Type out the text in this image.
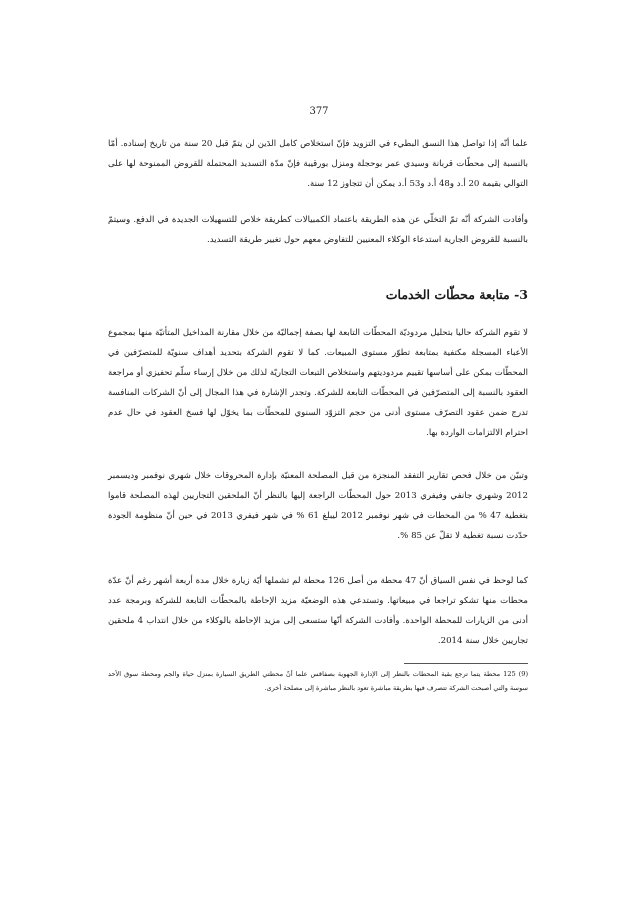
377

علما أنّه إذا تواصل هذا النسق البطيء في التزويد فإنّ استخلاص كامل الدَين لن يتمّ قبل 20 سنة من تاريخ إسناده. أمّا بالنسبة إلى محطّات قربانة وسيدي عمر بوحجلة ومنزل بورقيبة فإنّ مدّة التسديد المحتملة للقروض الممنوحة لها على التوالي بقيمة 20 أ.د و48 أ.د و53 أ.د يمكن أن تتجاوز 12 سنة.

وأفادت الشركة أنّه تمّ التخلّي عن هذه الطريقة باعتماد الكمبيالات كطريقة خلاص للتسهيلات الجديدة في الدفع. وسيتمّ بالنسبة للقروض الجارية استدعاء الوكلاء المعنيين للتفاوض معهم حول تغيير طريقة التسديد.

3- متابعة محطّات الخدمات

لا تقوم الشركة حاليا بتحليل مردوديّة المحطّات التابعة لها بصفة إجماليّة من خلال مقارنة المداخيل المتأتيّة منها بمجموع الأعباء المسجلة مكتفية بمتابعة تطوّر مستوى المبيعات. كما لا تقوم الشركة بتحديد أهداف سنويّة للمتصرّفين في المحطّات بمكن على أساسها تقييم مردوديتهم واستخلاص التبعات التجاريّة لذلك من خلال إرساء سلّم تحفيزي أو مراجعة العقود بالنسبة إلى المتصرّفين في المحطّات التابعة للشركة. وتجدر الإشارة في هذا المجال إلى أنّ الشركات المنافسة تدرج ضمن عقود التصرّف مستوى أدنى من حجم التزوّد السنوي للمحطّات بما يخوّل لها فسخ العقود في حال عدم احترام الالتزامات الواردة بها.

وتبيّن من خلال فحص تقارير التفقد المنجزة من قبل المصلحة المعنيّة بإدارة المحروقات خلال شهري نوفمبر وديسمبر 2012 وشهري جانفي وفيفري 2013 حول المحطّات الراجعة إليها بالنظر أنّ الملحقين التجاريين لهذه المصلحة قاموا بتغطية 47 % من المحطات في شهر نوفمبر 2012 ليبلغ 61 % في شهر فيفري 2013 في حين أنّ منظومة الجودة حدّدت نسبة تغطية لا تقلّ عن 85 %.

كما لوحظ في نفس السياق أنّ 47 محطة من أصل 126 محطة لم تشملها أيّة زيارة خلال مدة أربعة أشهر رغم أنّ عدّة محطات منها تشكو تراجعا في مبيعاتها. وتستدعي هذه الوضعيّة مزيد الإحاطة بالمحطّات التابعة للشركة وبرمجة عدد أدنى من الزيارات للمحطة الواحدة. وأفادت الشركة أنّها ستسعى إلى مزيد الإحاطة بالوكلاء من خلال انتداب 4 ملحقين تجاريين خلال سنة 2014.

(9) 125 محطة يتما ترجع بقية المحطات بالنظر إلى الإدارة الجهوية بصفاقس علما أنّ محطتي الطريق السيارة بمنزل حياة والجم ومحطة سوق الأحد سوسة والتي أصبحت الشركة تتصرف فيها بطريقة مباشرة تعود بالنظر مباشرة إلى مصلحة أخرى.
